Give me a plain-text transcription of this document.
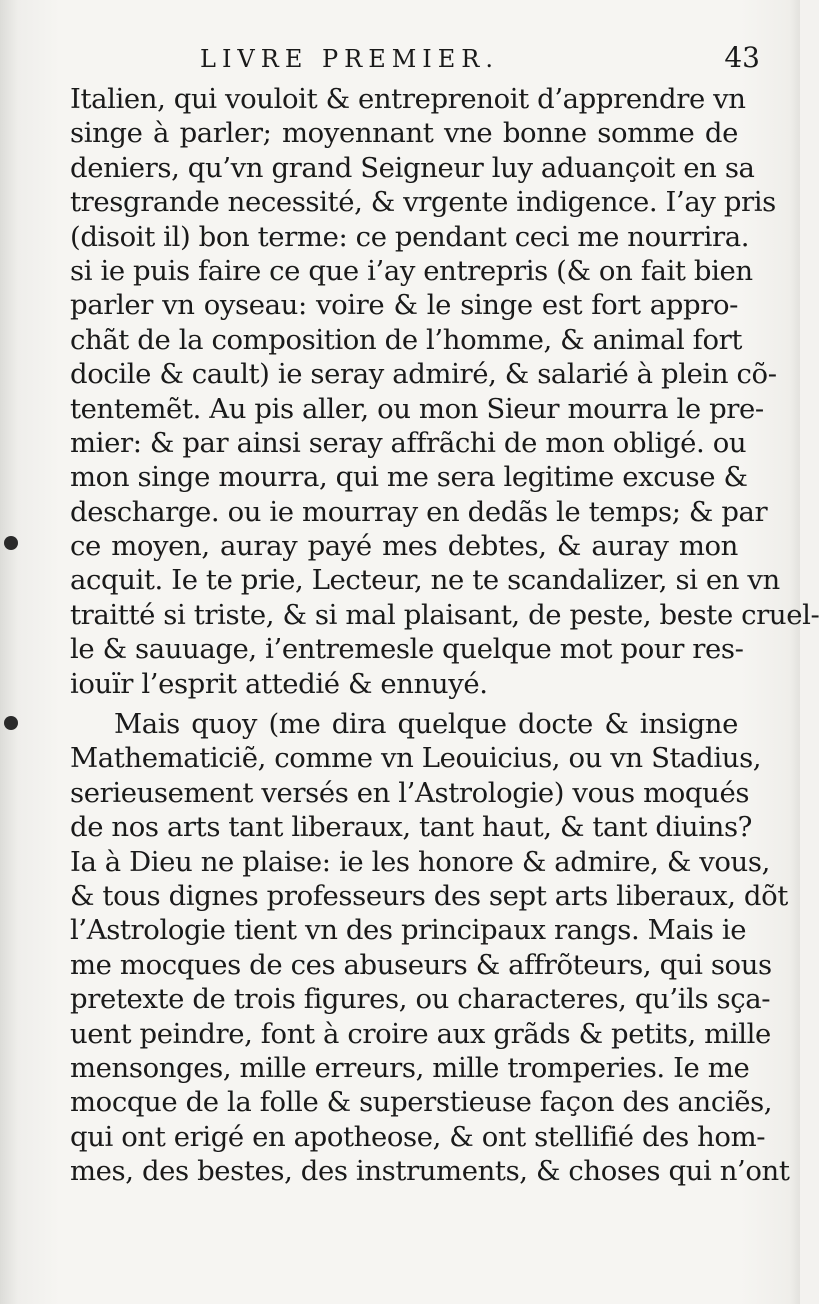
LIVRE PREMIER.	43
Italien, qui vouloit & entreprenoit d’apprendre vn
singe à parler; moyennant vne bonne somme de
deniers, qu’vn grand Seigneur luy aduançoit en sa
tresgrande necessité, & vrgente indigence. I’ay pris
(disoit il) bon terme: ce pendant ceci me nourrira.
si ie puis faire ce que i’ay entrepris (& on fait bien
parler vn oyseau: voire & le singe est fort appro-
chãt de la composition de l’homme, & animal fort
docile & cault) ie seray admiré, & salarié à plein cõ-
tentemẽt. Au pis aller, ou mon Sieur mourra le pre-
mier: & par ainsi seray affrãchi de mon obligé. ou
mon singe mourra, qui me sera legitime excuse &
descharge. ou ie mourray en dedãs le temps; & par
ce moyen, auray payé mes debtes, & auray mon
acquit. Ie te prie, Lecteur, ne te scandalizer, si en vn
traitté si triste, & si mal plaisant, de peste, beste cruel-
le & sauuage, i’entremesle quelque mot pour res-
iouïr l’esprit attedié & ennuyé.
Mais quoy (me dira quelque docte & insigne
Mathematiciẽ, comme vn Leouicius, ou vn Stadius,
serieusement versés en l’Astrologie) vous moqués
de nos arts tant liberaux, tant haut, & tant diuins?
Ia à Dieu ne plaise: ie les honore & admire, & vous,
& tous dignes professeurs des sept arts liberaux, dõt
l’Astrologie tient vn des principaux rangs. Mais ie
me mocques de ces abuseurs & affrõteurs, qui sous
pretexte de trois figures, ou characteres, qu’ils sça-
uent peindre, font à croire aux grãds & petits, mille
mensonges, mille erreurs, mille tromperies. Ie me
mocque de la folle & superstieuse façon des anciẽs,
qui ont erigé en apotheose, & ont stellifié des hom-
mes, des bestes, des instruments, & choses qui n’ont
